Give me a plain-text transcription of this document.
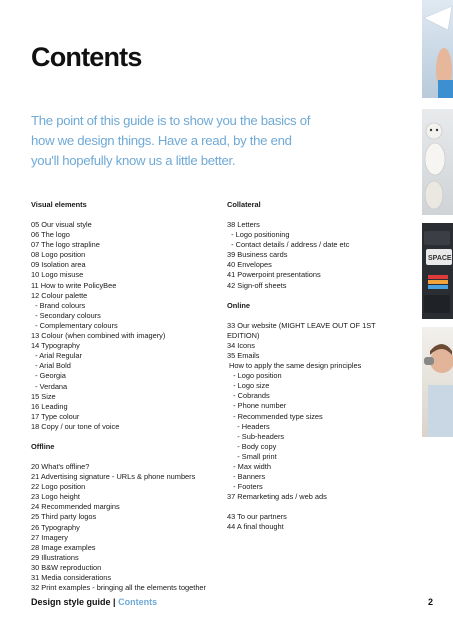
Contents

The point of this guide is to show you the basics of how we design things. Have a read, by the end you'll hopefully know us a little better.

Visual elements
05 Our visual style
06 The logo
07 The logo strapline
08 Logo position
09 Isolation area
10 Logo misuse
11 How to write PolicyBee
12 Colour palette
- Brand colours
- Secondary colours
- Complementary colours
13 Colour (when combined with imagery)
14 Typography
- Arial Regular
- Arial Bold
- Georgia
- Verdana
15 Size
16 Leading
17 Type colour
18 Copy / our tone of voice
Offline
20 What's offline?
21 Advertising signature - URLs & phone numbers
22 Logo position
23 Logo height
24 Recommended margins
25 Third party logos
26 Typography
27 Imagery
28 Image examples
29 Illustrations
30 B&W reproduction
31 Media considerations
32 Print examples - bringing all the elements together
Collateral
38 Letters
- Logo positioning
- Contact details / address / date etc
39 Business cards
40 Envelopes
41 Powerpoint presentations
42 Sign-off sheets
Online
33 Our website (MIGHT LEAVE OUT OF 1ST
EDITION)
34 Icons
35 Emails
How to apply the same design principles
- Logo position
- Logo size
- Cobrands
- Phone number
- Recommended type sizes
- Headers
- Sub-headers
- Body copy
- Small print
- Max width
- Banners
- Footers
37 Remarketing ads / web ads
43 To our partners
44 A final thought
SPACE
Design style guide | Contents	2
